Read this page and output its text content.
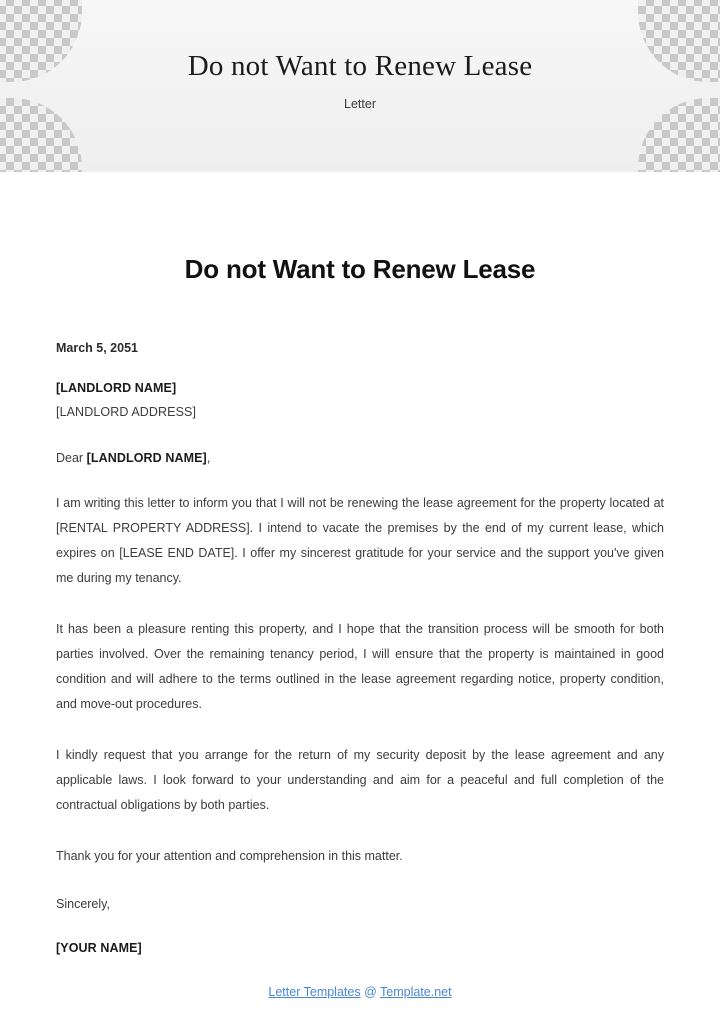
Do not Want to Renew Lease

Letter

Do not Want to Renew Lease
March 5, 2051
[LANDLORD NAME]
[LANDLORD ADDRESS]
Dear [LANDLORD NAME],

I am writing this letter to inform you that I will not be renewing the lease agreement for the property located at [RENTAL PROPERTY ADDRESS]. I intend to vacate the premises by the end of my current lease, which expires on [LEASE END DATE]. I offer my sincerest gratitude for your service and the support you've given me during my tenancy.

It has been a pleasure renting this property, and I hope that the transition process will be smooth for both parties involved. Over the remaining tenancy period, I will ensure that the property is maintained in good condition and will adhere to the terms outlined in the lease agreement regarding notice, property condition, and move-out procedures.

I kindly request that you arrange for the return of my security deposit by the lease agreement and any applicable laws. I look forward to your understanding and aim for a peaceful and full completion of the contractual obligations by both parties.

Thank you for your attention and comprehension in this matter.

Sincerely,
[YOUR NAME]
Letter Templates @ Template.net
